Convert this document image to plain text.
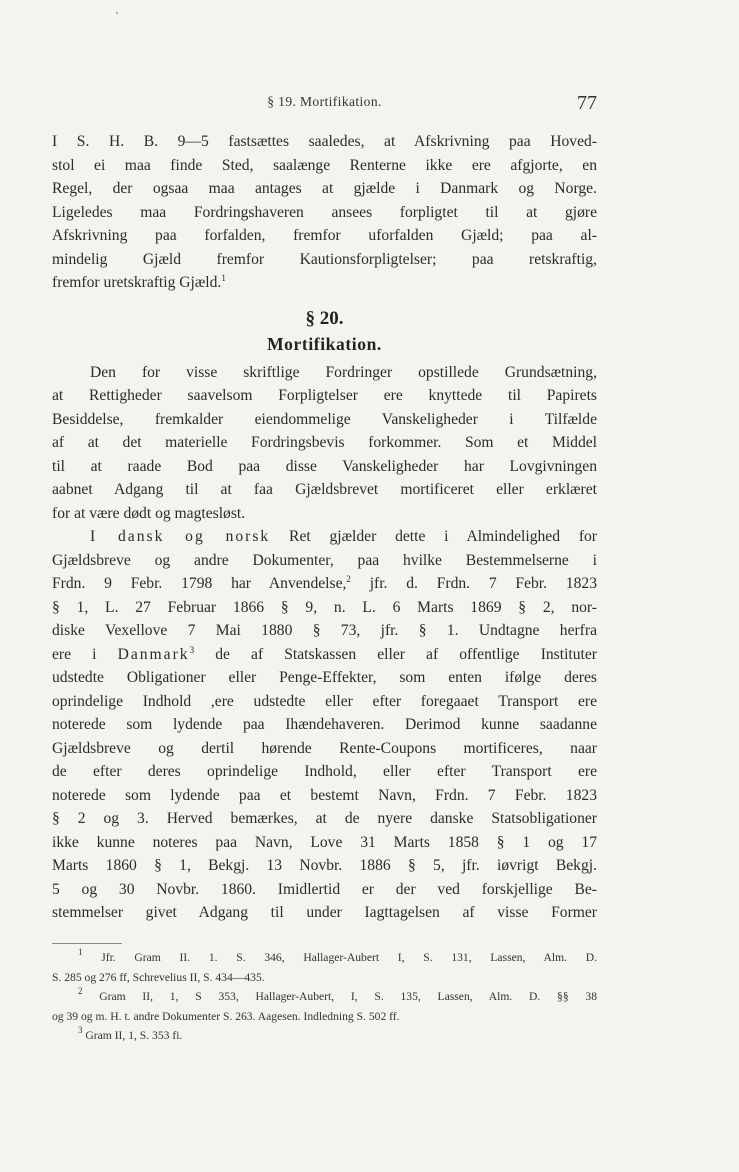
§ 19. Mortifikation.	77
I S. H. B. 9—5 fastsættes saaledes, at Afskrivning paa Hoved-
stol ei maa finde Sted, saalænge Renterne ikke ere afgjorte, en
Regel, der ogsaa maa antages at gjælde i Danmark og Norge.
Ligeledes maa Fordringshaveren ansees forpligtet til at gjøre
Afskrivning paa forfalden, fremfor uforfalden Gjæld; paa al-
mindelig Gjæld fremfor Kautionsforpligtelser; paa retskraftig,
fremfor uretskraftig Gjæld.$^1$
§ 20.
Mortifikation.
Den for visse skriftlige Fordringer opstillede Grundsætning,
at Rettigheder saavelsom Forpligtelser ere knyttede til Papirets
Besiddelse, fremkalder eiendommelige Vanskeligheder i Tilfælde
af at det materielle Fordringsbevis forkommer. Som et Middel
til at raade Bod paa disse Vanskeligheder har Lovgivningen
aabnet Adgang til at faa Gjældsbrevet mortificeret eller erklæret
for at være dødt og magtesløst.
I dansk og norsk Ret gjælder dette i Almindelighed for
Gjældsbreve og andre Dokumenter, paa hvilke Bestemmelserne i
Frdn. 9 Febr. 1798 har Anvendelse,$^2$ jfr. d. Frdn. 7 Febr. 1823
§ 1, L. 27 Februar 1866 § 9, n. L. 6 Marts 1869 § 2, nor-
diske Vexellove 7 Mai 1880 § 73, jfr. § 1. Undtagne herfra
ere i Danmark$^3$ de af Statskassen eller af offentlige Instituter
udstedte Obligationer eller Penge-Effekter, som enten ifølge deres
oprindelige Indhold ,ere udstedte eller efter foregaaet Transport ere
noterede som lydende paa Ihændehaveren. Derimod kunne saadanne
Gjældsbreve og dertil hørende Rente-Coupons mortificeres, naar
de efter deres oprindelige Indhold, eller efter Transport ere
noterede som lydende paa et bestemt Navn, Frdn. 7 Febr. 1823
§ 2 og 3. Herved bemærkes, at de nyere danske Statsobligationer
ikke kunne noteres paa Navn, Love 31 Marts 1858 § 1 og 17
Marts 1860 § 1, Bekgj. 13 Novbr. 1886 § 5, jfr. iøvrigt Bekgj.
5 og 30 Novbr. 1860. Imidlertid er der ved forskjellige Be-
stemmelser givet Adgang til under Iagttagelsen af visse Former
$^1$ Jfr. Gram II. 1. S. 346, Hallager-Aubert I, S. 131, Lassen, Alm. D.
S. 285 og 276 ff, Schrevelius II, S. 434—435.
$^2$ Gram II, 1, S 353, Hallager-Aubert, I, S. 135, Lassen, Alm. D. §§ 38
og 39 og m. H. t. andre Dokumenter S. 263. Aagesen. Indledning S. 502 ff.
$^3$ Gram II, 1, S. 353 fi.
